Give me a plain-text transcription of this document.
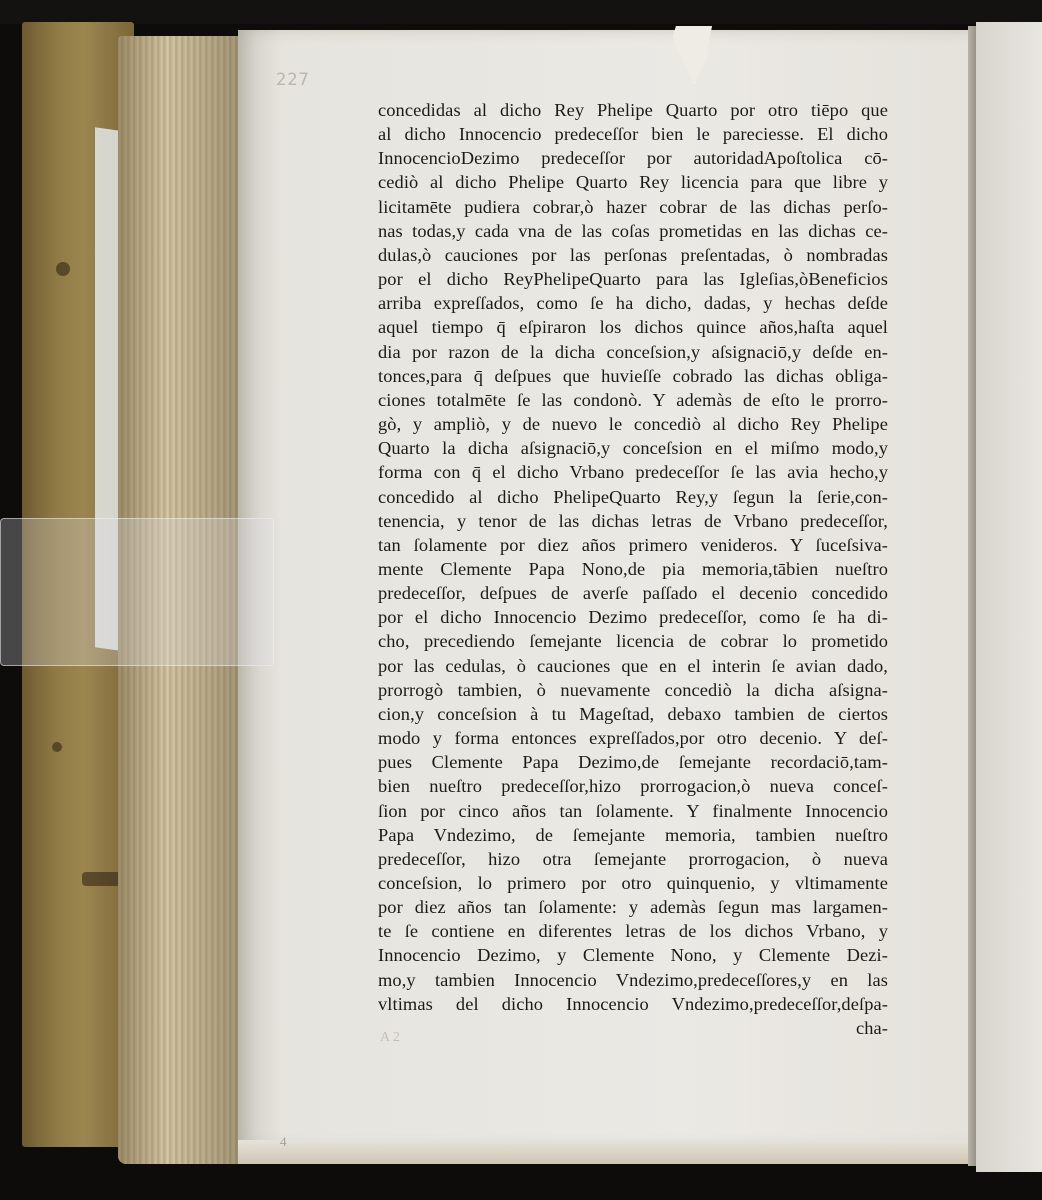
227
concedidas al dicho Rey Phelipe Quarto por otro tiēpo que
al dicho Innocencio predeceſſor bien le pareciesse. El dicho
InnocencioDezimo predeceſſor por autoridadApoſtolica cō-
cediò al dicho Phelipe Quarto Rey licencia para que libre y
licitamēte pudiera cobrar,ò hazer cobrar de las dichas perſo-
nas todas,y cada vna de las coſas prometidas en las dichas ce-
dulas,ò cauciones por las perſonas preſentadas, ò nombradas
por el dicho ReyPhelipeQuarto para las Igleſias,òBeneficios
arriba expreſſados, como ſe ha dicho, dadas, y hechas deſde
aquel tiempo q̄ eſpiraron los dichos quince años,haſta aquel
dia por razon de la dicha conceſsion,y aſsignaciō,y deſde en-
tonces,para q̄ deſpues que huvieſſe cobrado las dichas obliga-
ciones totalmēte ſe las condonò. Y ademàs de eſto le prorro-
gò, y ampliò, y de nuevo le concediò al dicho Rey Phelipe
Quarto la dicha aſsignaciō,y conceſsion en el miſmo modo,y
forma con q̄ el dicho Vrbano predeceſſor ſe las avia hecho,y
concedido al dicho PhelipeQuarto Rey,y ſegun la ſerie,con-
tenencia, y tenor de las dichas letras de Vrbano predeceſſor,
tan ſolamente por diez años primero venideros. Y ſuceſsiva-
mente Clemente Papa Nono,de pia memoria,tābien nueſtro
predeceſſor, deſpues de averſe paſſado el decenio concedido
por el dicho Innocencio Dezimo predeceſſor, como ſe ha di-
cho, precediendo ſemejante licencia de cobrar lo prometido
por las cedulas, ò cauciones que en el interin ſe avian dado,
prorrogò tambien, ò nuevamente concediò la dicha aſsigna-
cion,y conceſsion à tu Mageſtad, debaxo tambien de ciertos
modo y forma entonces expreſſados,por otro decenio. Y deſ-
pues Clemente Papa Dezimo,de ſemejante recordaciō,tam-
bien nueſtro predeceſſor,hizo prorrogacion,ò nueva conceſ-
ſion por cinco años tan ſolamente. Y finalmente Innocencio
Papa Vndezimo, de ſemejante memoria, tambien nueſtro
predeceſſor, hizo otra ſemejante prorrogacion, ò nueva
conceſsion, lo primero por otro quinquenio, y vltimamente
por diez años tan ſolamente: y ademàs ſegun mas largamen-
te ſe contiene en diferentes letras de los dichos Vrbano, y
Innocencio Dezimo, y Clemente Nono, y Clemente Dezi-
mo,y tambien Innocencio Vndezimo,predeceſſores,y en las
vltimas del dicho Innocencio Vndezimo,predeceſſor,deſpa-
cha-
A 2
4
